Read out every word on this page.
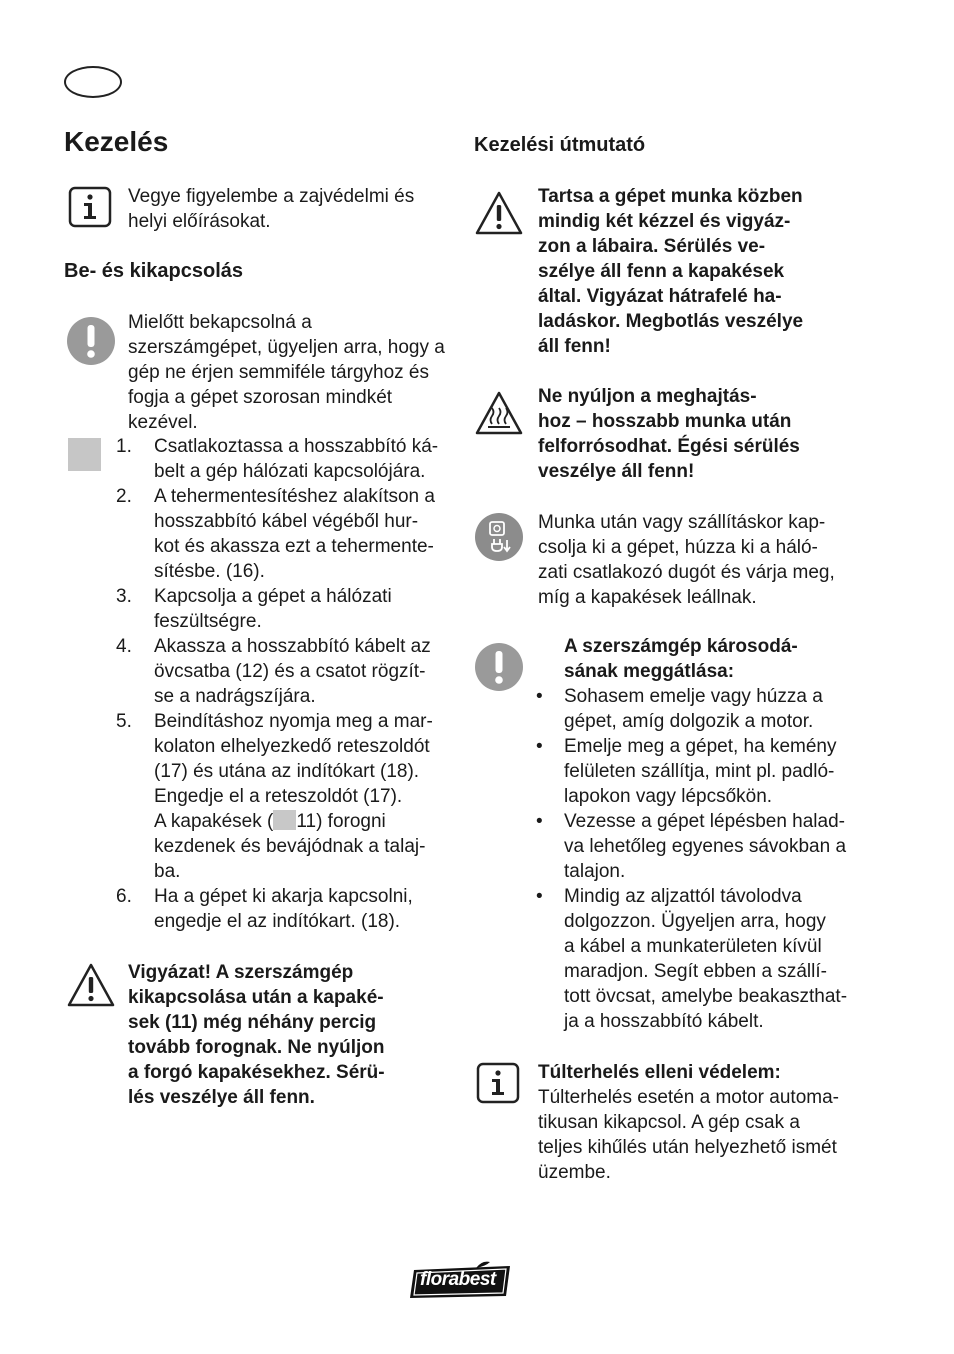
Kezelés

Vegye figyelembe a zajvédelmi és helyi előírásokat.

Be- és kikapcsolás

Mielőtt bekapcsolná a szerszámgépet, ügyeljen arra, hogy a gép ne érjen semmiféle tárgyhoz és fogja a gépet szorosan mindkét kezével.

1. Csatlakoztassa a hosszabbító ká-
belt a gép hálózati kapcsolójára.
2. A tehermentesítéshez alakítson a
hosszabbító kábel végéből hur-
kot és akassza ezt a tehermente-
sítésbe. (16).
3. Kapcsolja a gépet a hálózati
feszültségre.
4. Akassza a hosszabbító kábelt az
övcsatba (12) és a csatot rögzít-
se a nadrágszíjára.
5. Beindításhoz nyomja meg a mar-
kolaton elhelyezkedő reteszoldót
(17) és utána az indítókart (18).
Engedje el a reteszoldót (17).
A kapakések ( 11) forogni
kezdenek és bevájódnak a talaj-
ba.
6. Ha a gépet ki akarja kapcsolni,
engedje el az indítókart. (18).

Vigyázat! A szerszámgép
kikapcsolása után a kapaké-
sek (11) még néhány percig
tovább forognak. Ne nyúljon
a forgó kapakésekhez. Sérü-
lés veszélye áll fenn.

Kezelési útmutató

Tartsa a gépet munka közben
mindig két kézzel és vigyáz-
zon a lábaira. Sérülés ve-
szélye áll fenn a kapakések
által. Vigyázat hátrafelé ha-
ladáskor. Megbotlás veszélye
áll fenn!

Ne nyúljon a meghajtás-
hoz – hosszabb munka után
felforrósodhat. Égési sérülés
veszélye áll fenn!

Munka után vagy szállításkor kap-
csolja ki a gépet, húzza ki a háló-
zati csatlakozó dugót és várja meg,
míg a kapakések leállnak.

A szerszámgép károsodá-
sának meggátlása:

• Sohasem emelje vagy húzza a
gépet, amíg dolgozik a motor.
• Emelje meg a gépet, ha kemény
felületen szállítja, mint pl. padló-
lapokon vagy lépcsőkön.
• Vezesse a gépet lépésben halad-
va lehetőleg egyenes sávokban a
talajon.
• Mindig az aljzattól távolodva
dolgozzon. Ügyeljen arra, hogy
a kábel a munkaterületen kívül
maradjon. Segít ebben a szállí-
tott övcsat, amelybe beakaszthat-
ja a hosszabbító kábelt.

Túlterhelés elleni védelem:
Túlterhelés esetén a motor automa-
tikusan kikapcsol. A gép csak a
teljes kihűlés után helyezhető ismét
üzembe.

florabest
